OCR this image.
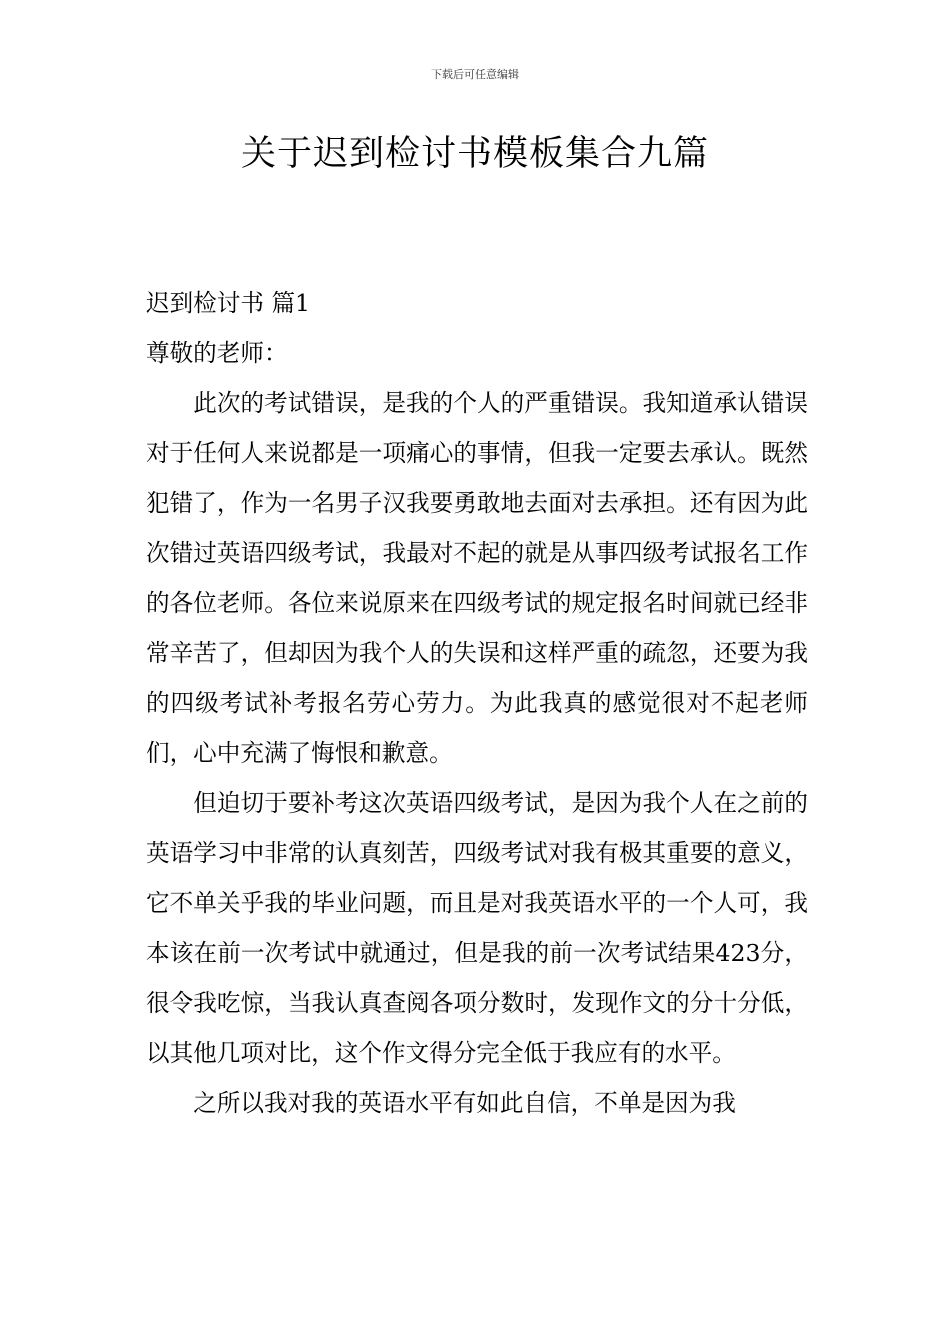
下载后可任意编辑
关于迟到检讨书模板集合九篇
迟到检讨书 篇1
尊敬的老师：

此次的考试错误，是我的个人的严重错误。我知道承认错误对于任何人来说都是一项痛心的事情，但我一定要去承认。既然犯错了，作为一名男子汉我要勇敢地去面对去承担。还有因为此次错过英语四级考试，我最对不起的就是从事四级考试报名工作的各位老师。各位来说原来在四级考试的规定报名时间就已经非常辛苦了，但却因为我个人的失误和这样严重的疏忽，还要为我的四级考试补考报名劳心劳力。为此我真的感觉很对不起老师们，心中充满了悔恨和歉意。

但迫切于要补考这次英语四级考试，是因为我个人在之前的英语学习中非常的认真刻苦，四级考试对我有极其重要的意义，它不单关乎我的毕业问题，而且是对我英语水平的一个人可，我本该在前一次考试中就通过，但是我的前一次考试结果423分，很令我吃惊，当我认真查阅各项分数时，发现作文的分十分低，以其他几项对比，这个作文得分完全低于我应有的水平。

之所以我对我的英语水平有如此自信，不单是因为我
